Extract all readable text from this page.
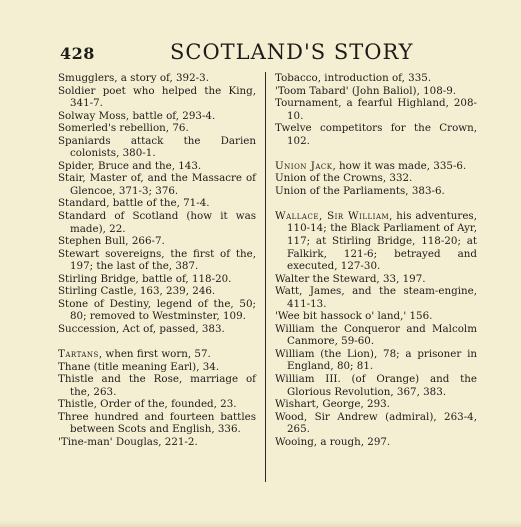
428	SCOTLAND'S STORY

Smugglers, a story of, 392-3.

Soldier poet who helped the King, 341-7.

Solway Moss, battle of, 293-4.

Somerled's rebellion, 76.

Spaniards attack the Darien colonists, 380-1.

Spider, Bruce and the, 143.

Stair, Master of, and the Massacre of Glencoe, 371-3; 376.

Standard, battle of the, 71-4.

Standard of Scotland (how it was made), 22.

Stephen Bull, 266-7.

Stewart sovereigns, the first of the, 197; the last of the, 387.

Stirling Bridge, battle of, 118-20.

Stirling Castle, 163, 239, 246.

Stone of Destiny, legend of the, 50; 80; removed to Westminster, 109.

Succession, Act of, passed, 383.

Tartans, when first worn, 57.

Thane (title meaning Earl), 34.

Thistle and the Rose, marriage of the, 263.

Thistle, Order of the, founded, 23.

Three hundred and fourteen battles between Scots and English, 336.

'Tine-man' Douglas, 221-2.

Tobacco, introduction of, 335.

'Toom Tabard' (John Baliol), 108-9.

Tournament, a fearful Highland, 208-10.

Twelve competitors for the Crown, 102.

Union Jack, how it was made, 335-6.

Union of the Crowns, 332.

Union of the Parliaments, 383-6.

Wallace, Sir William, his adventures, 110-14; the Black Parliament of Ayr, 117; at Stirling Bridge, 118-20; at Falkirk, 121-6; betrayed and executed, 127-30.

Walter the Steward, 33, 197.

Watt, James, and the steam-engine, 411-13.

'Wee bit hassock o' land,' 156.

William the Conqueror and Malcolm Canmore, 59-60.

William (the Lion), 78; a prisoner in England, 80; 81.

William III. (of Orange) and the Glorious Revolution, 367, 383.

Wishart, George, 293.

Wood, Sir Andrew (admiral), 263-4, 265.

Wooing, a rough, 297.
